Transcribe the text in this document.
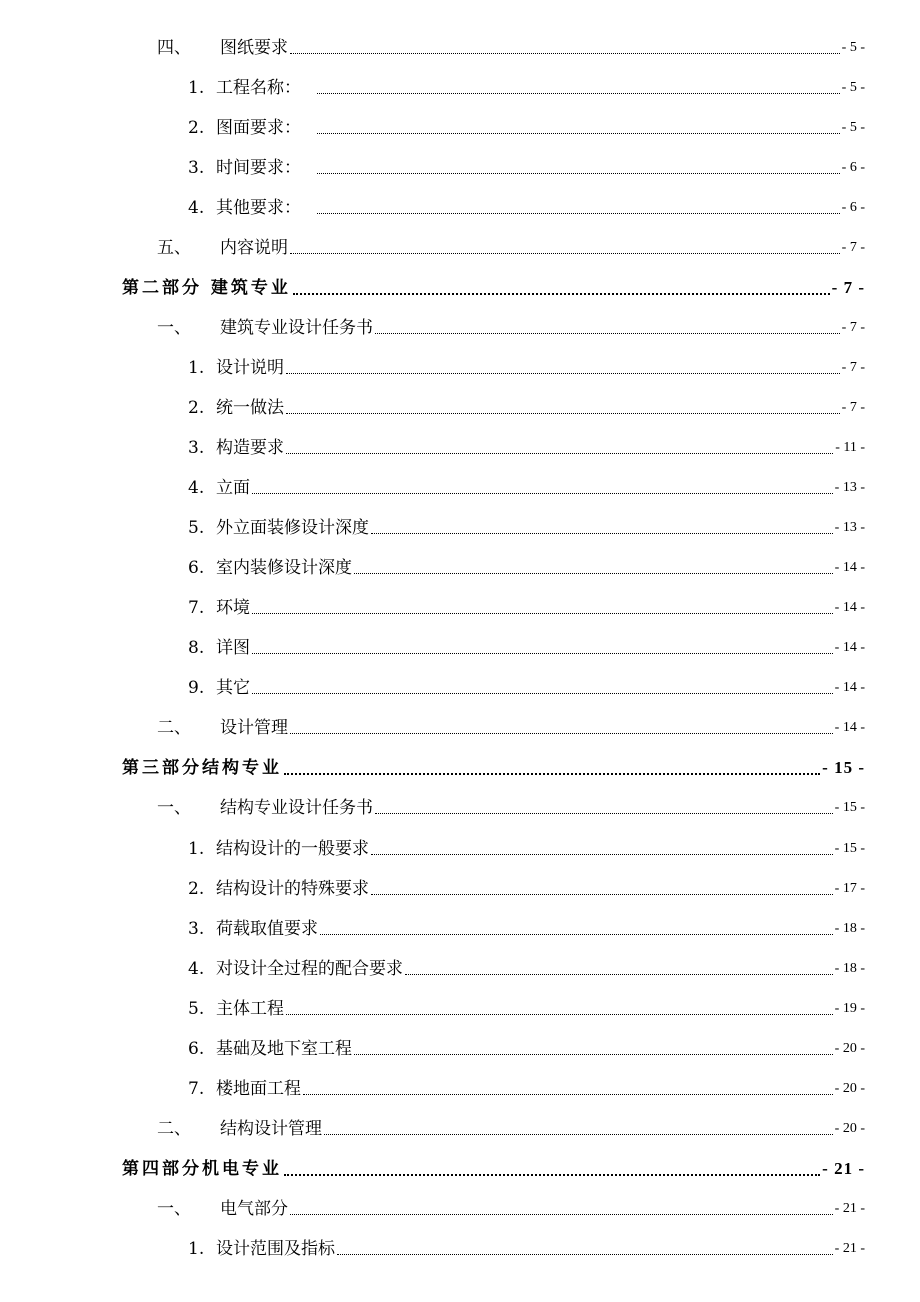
四、	图纸要求	- 5 -
1. 工程名称：	- 5 -
2. 图面要求：	- 5 -
3. 时间要求：	- 6 -
4. 其他要求：	- 6 -
五、	内容说明	- 7 -
第二部分 建筑专业	- 7 -
一、	建筑专业设计任务书	- 7 -
1. 设计说明	- 7 -
2. 统一做法	- 7 -
3. 构造要求	- 11 -
4. 立面	- 13 -
5. 外立面装修设计深度	- 13 -
6. 室内装修设计深度	- 14 -
7. 环境	- 14 -
8. 详图	- 14 -
9. 其它	- 14 -
二、	设计管理	- 14 -
第三部分结构专业	- 15 -
一、	结构专业设计任务书	- 15 -
1. 结构设计的一般要求	- 15 -
2. 结构设计的特殊要求	- 17 -
3. 荷载取值要求	- 18 -
4. 对设计全过程的配合要求	- 18 -
5. 主体工程	- 19 -
6. 基础及地下室工程	- 20 -
7. 楼地面工程	- 20 -
二、	结构设计管理	- 20 -
第四部分机电专业	- 21 -
一、	电气部分	- 21 -
1. 设计范围及指标	- 21 -
